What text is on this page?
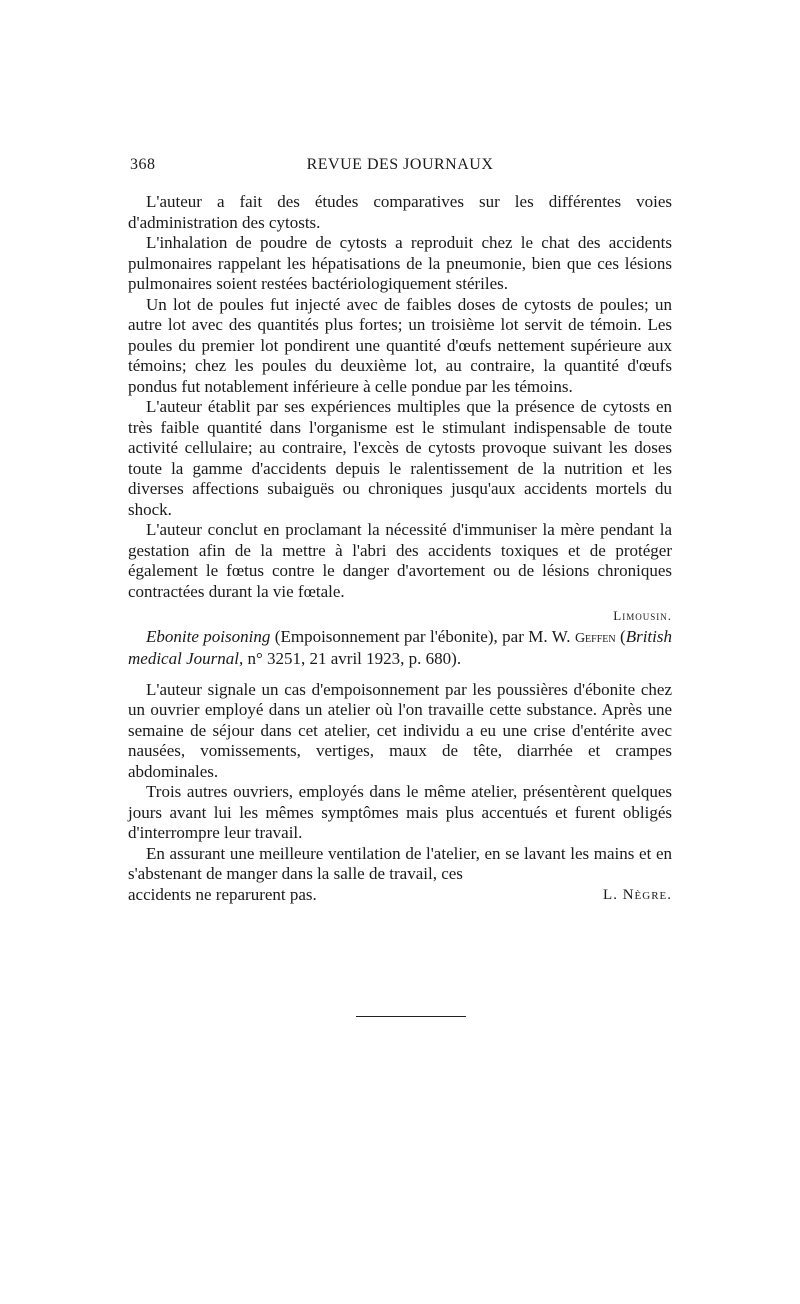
368	REVUE DES JOURNAUX

L'auteur a fait des études comparatives sur les différentes voies d'administration des cytosts.

L'inhalation de poudre de cytosts a reproduit chez le chat des accidents pulmonaires rappelant les hépatisations de la pneumonie, bien que ces lésions pulmonaires soient restées bactériologiquement stériles.

Un lot de poules fut injecté avec de faibles doses de cytosts de poules; un autre lot avec des quantités plus fortes; un troisième lot servit de témoin. Les poules du premier lot pondirent une quantité d'œufs nettement supérieure aux témoins; chez les poules du deuxième lot, au contraire, la quantité d'œufs pondus fut notablement inférieure à celle pondue par les témoins.

L'auteur établit par ses expériences multiples que la présence de cytosts en très faible quantité dans l'organisme est le stimulant indispensable de toute activité cellulaire; au contraire, l'excès de cytosts provoque suivant les doses toute la gamme d'accidents depuis le ralentissement de la nutrition et les diverses affections subaiguës ou chroniques jusqu'aux accidents mortels du shock.

L'auteur conclut en proclamant la nécessité d'immuniser la mère pendant la gestation afin de la mettre à l'abri des accidents toxiques et de protéger également le fœtus contre le danger d'avortement ou de lésions chroniques contractées durant la vie fœtale.

Limousin.

Ebonite poisoning (Empoisonnement par l'ébonite), par M. W. Geffen (British medical Journal, n° 3251, 21 avril 1923, p. 680).

L'auteur signale un cas d'empoisonnement par les poussières d'ébonite chez un ouvrier employé dans un atelier où l'on travaille cette substance. Après une semaine de séjour dans cet atelier, cet individu a eu une crise d'entérite avec nausées, vomissements, vertiges, maux de tête, diarrhée et crampes abdominales.

Trois autres ouvriers, employés dans le même atelier, présentèrent quelques jours avant lui les mêmes symptômes mais plus accentués et furent obligés d'interrompre leur travail.

En assurant une meilleure ventilation de l'atelier, en se lavant les mains et en s'abstenant de manger dans la salle de travail, ces

accidents ne reparurent pas.	L. Nègre.
